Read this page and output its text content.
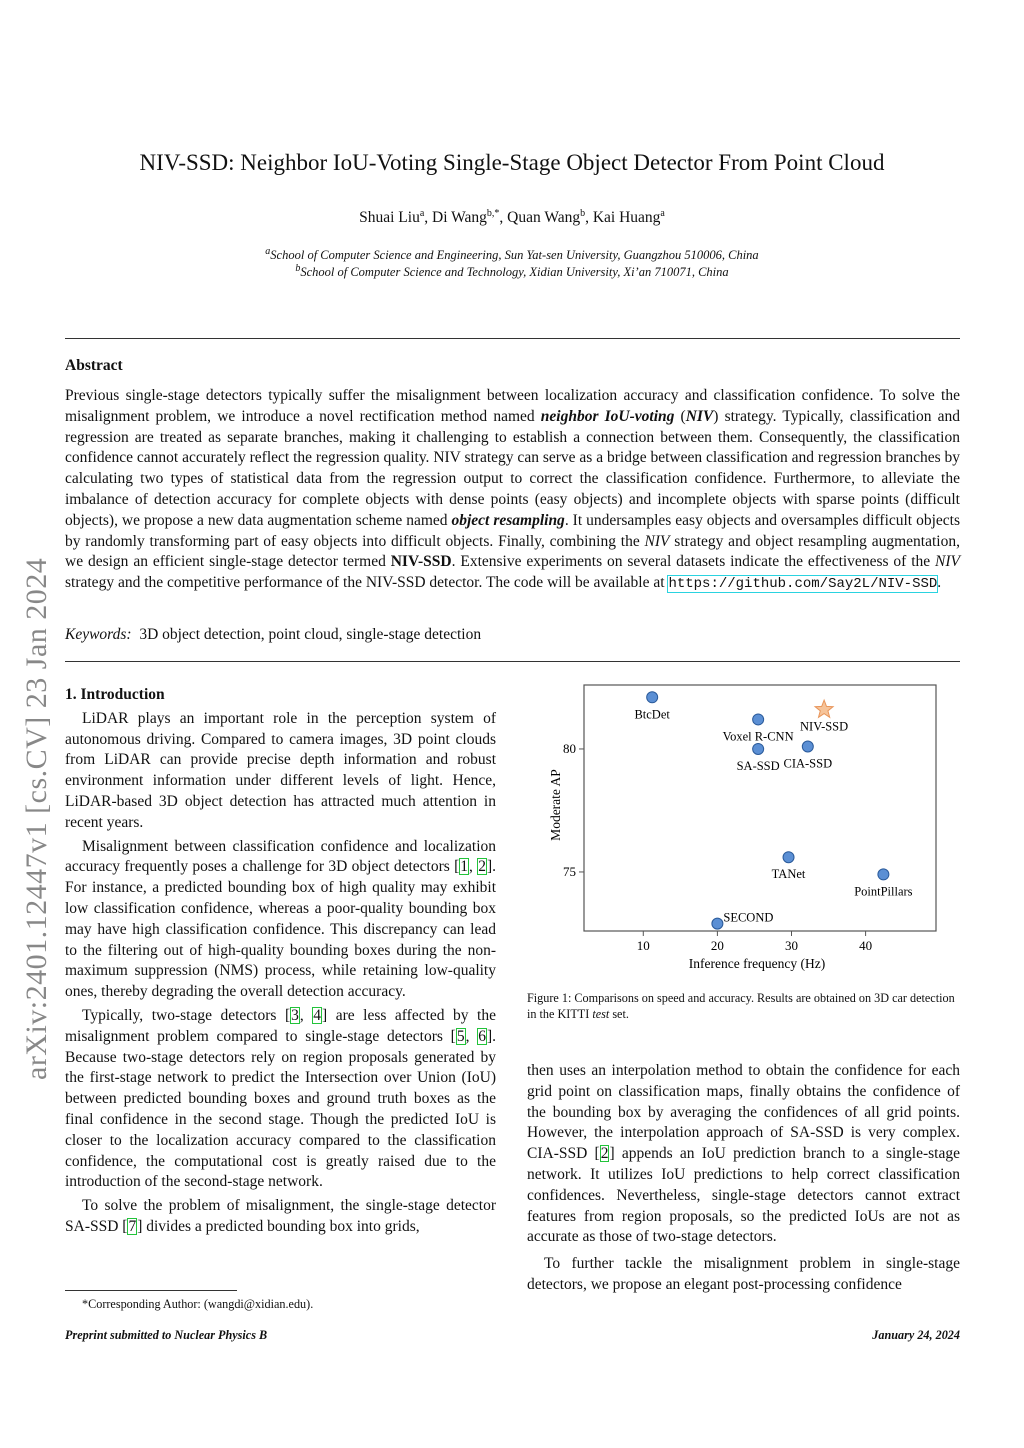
NIV-SSD: Neighbor IoU-Voting Single-Stage Object Detector From Point Cloud
Shuai Liu$^a$, Di Wang$^{b,*}$, Quan Wang$^b$, Kai Huang$^a$
$^a$School of Computer Science and Engineering, Sun Yat-sen University, Guangzhou 510006, China
$^b$School of Computer Science and Technology, Xidian University, Xi’an 710071, China
Abstract
Previous single-stage detectors typically suffer the misalignment between localization accuracy and classification confidence. To solve the misalignment problem, we introduce a novel rectification method named neighbor IoU-voting (NIV) strategy. Typically, classification and regression are treated as separate branches, making it challenging to establish a connection between them. Consequently, the classification confidence cannot accurately reflect the regression quality. NIV strategy can serve as a bridge between classification and regression branches by calculating two types of statistical data from the regression output to correct the classification confidence. Furthermore, to alleviate the imbalance of detection accuracy for complete objects with dense points (easy objects) and incomplete objects with sparse points (difficult objects), we propose a new data augmentation scheme named object resampling. It undersamples easy objects and oversamples difficult objects by randomly transforming part of easy objects into difficult objects. Finally, combining the NIV strategy and object resampling augmentation, we design an efficient single-stage detector termed NIV-SSD. Extensive experiments on several datasets indicate the effectiveness of the NIV strategy and the competitive performance of the NIV-SSD detector. The code will be available at https://github.com/Say2L/NIV-SSD.
Keywords: 3D object detection, point cloud, single-stage detection
arXiv:2401.12447v1 [cs.CV] 23 Jan 2024 1. Introduction

LiDAR plays an important role in the perception system of autonomous driving. Compared to camera images, 3D point clouds from LiDAR can provide precise depth information and robust environment information under different levels of light. Hence, LiDAR-based 3D object detection has attracted much attention in recent years.

Misalignment between classification confidence and localization accuracy frequently poses a challenge for 3D object detectors [1, 2]. For instance, a predicted bounding box of high quality may exhibit low classification confidence, whereas a poor-quality bounding box may have high classification confidence. This discrepancy can lead to the filtering out of high-quality bounding boxes during the non-maximum suppression (NMS) process, while retaining low-quality ones, thereby degrading the overall detection accuracy.

Typically, two-stage detectors [3, 4] are less affected by the misalignment problem compared to single-stage detectors [5, 6]. Because two-stage detectors rely on region proposals generated by the first-stage network to predict the Intersection over Union (IoU) between predicted bounding boxes and ground truth boxes as the final confidence in the second stage. Though the predicted IoU is closer to the localization accuracy compared to the classification confidence, the computational cost is greatly raised due to the introduction of the second-stage network.

To solve the problem of misalignment, the single-stage detector SA-SSD [7] divides a predicted bounding box into grids,

10	20	30	40
75
80
Inference frequency (Hz)
Moderate AP
BtcDet
Voxel R-CNN
NIV-SSD
SA-SSD CIA-SSD
TANet
PointPillars
SECOND
Figure 1: Comparisons on speed and accuracy. Results are obtained on 3D car detection in the KITTI test set.

then uses an interpolation method to obtain the confidence for each grid point on classification maps, finally obtains the confidence of the bounding box by averaging the confidences of all grid points. However, the interpolation approach of SA-SSD is very complex. CIA-SSD [2] appends an IoU prediction branch to a single-stage network. It utilizes IoU predictions to help correct classification confidences. Nevertheless, single-stage detectors cannot extract features from region proposals, so the predicted IoUs are not as accurate as those of two-stage detectors.

To further tackle the misalignment problem in single-stage detectors, we propose an elegant post-processing confidence

*Corresponding Author: (wangdi@xidian.edu).
Preprint submitted to Nuclear Physics B	January 24, 2024
